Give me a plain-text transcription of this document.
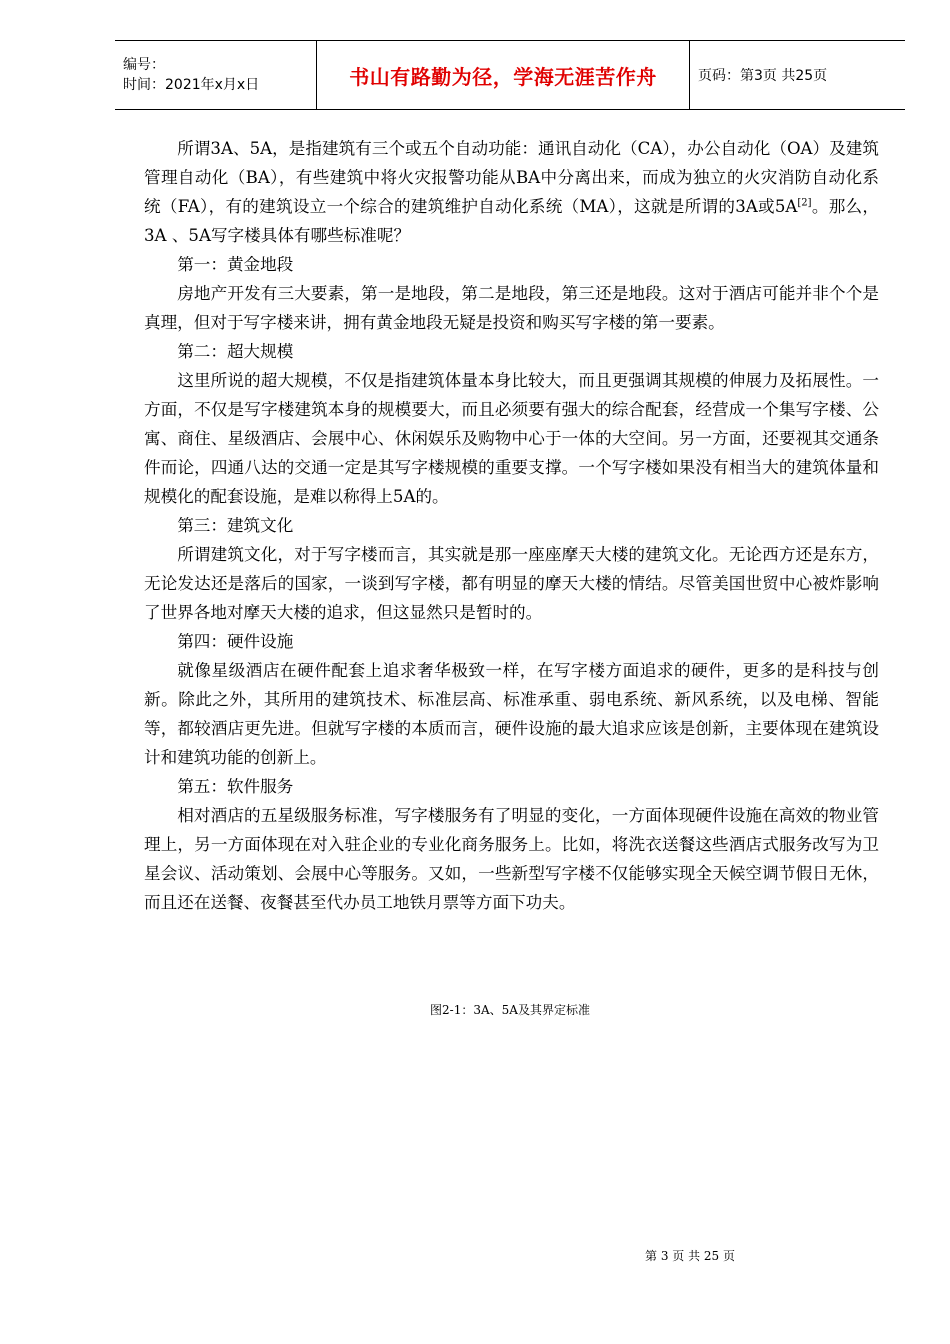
编号：
时间：2021年x月x日	书山有路勤为径，学海无涯苦作舟	页码：第3页 共25页

所谓3A、5A，是指建筑有三个或五个自动功能：通讯自动化（CA），办公自动化（OA）及建筑管理自动化（BA），有些建筑中将火灾报警功能从BA中分离出来，而成为独立的火灾消防自动化系统（FA），有的建筑设立一个综合的建筑维护自动化系统（MA），这就是所谓的3A或5A[2]。那么，3A 、5A写字楼具体有哪些标准呢？

第一：黄金地段

房地产开发有三大要素，第一是地段，第二是地段，第三还是地段。这对于酒店可能并非个个是真理，但对于写字楼来讲，拥有黄金地段无疑是投资和购买写字楼的第一要素。

第二：超大规模

这里所说的超大规模，不仅是指建筑体量本身比较大，而且更强调其规模的伸展力及拓展性。一方面，不仅是写字楼建筑本身的规模要大，而且必须要有强大的综合配套，经营成一个集写字楼、公寓、商住、星级酒店、会展中心、休闲娱乐及购物中心于一体的大空间。另一方面，还要视其交通条件而论，四通八达的交通一定是其写字楼规模的重要支撑。一个写字楼如果没有相当大的建筑体量和规模化的配套设施，是难以称得上5A的。

第三：建筑文化

所谓建筑文化，对于写字楼而言，其实就是那一座座摩天大楼的建筑文化。无论西方还是东方，无论发达还是落后的国家，一谈到写字楼，都有明显的摩天大楼的情结。尽管美国世贸中心被炸影响了世界各地对摩天大楼的追求，但这显然只是暂时的。

第四：硬件设施

就像星级酒店在硬件配套上追求奢华极致一样，在写字楼方面追求的硬件，更多的是科技与创新。除此之外，其所用的建筑技术、标准层高、标准承重、弱电系统、新风系统，以及电梯、智能等，都较酒店更先进。但就写字楼的本质而言，硬件设施的最大追求应该是创新，主要体现在建筑设计和建筑功能的创新上。

第五：软件服务

相对酒店的五星级服务标准，写字楼服务有了明显的变化，一方面体现硬件设施在高效的物业管理上，另一方面体现在对入驻企业的专业化商务服务上。比如，将洗衣送餐这些酒店式服务改写为卫星会议、活动策划、会展中心等服务。又如，一些新型写字楼不仅能够实现全天候空调节假日无休，而且还在送餐、夜餐甚至代办员工地铁月票等方面下功夫。

图2-1：3A、5A及其界定标准
第 3 页 共 25 页
